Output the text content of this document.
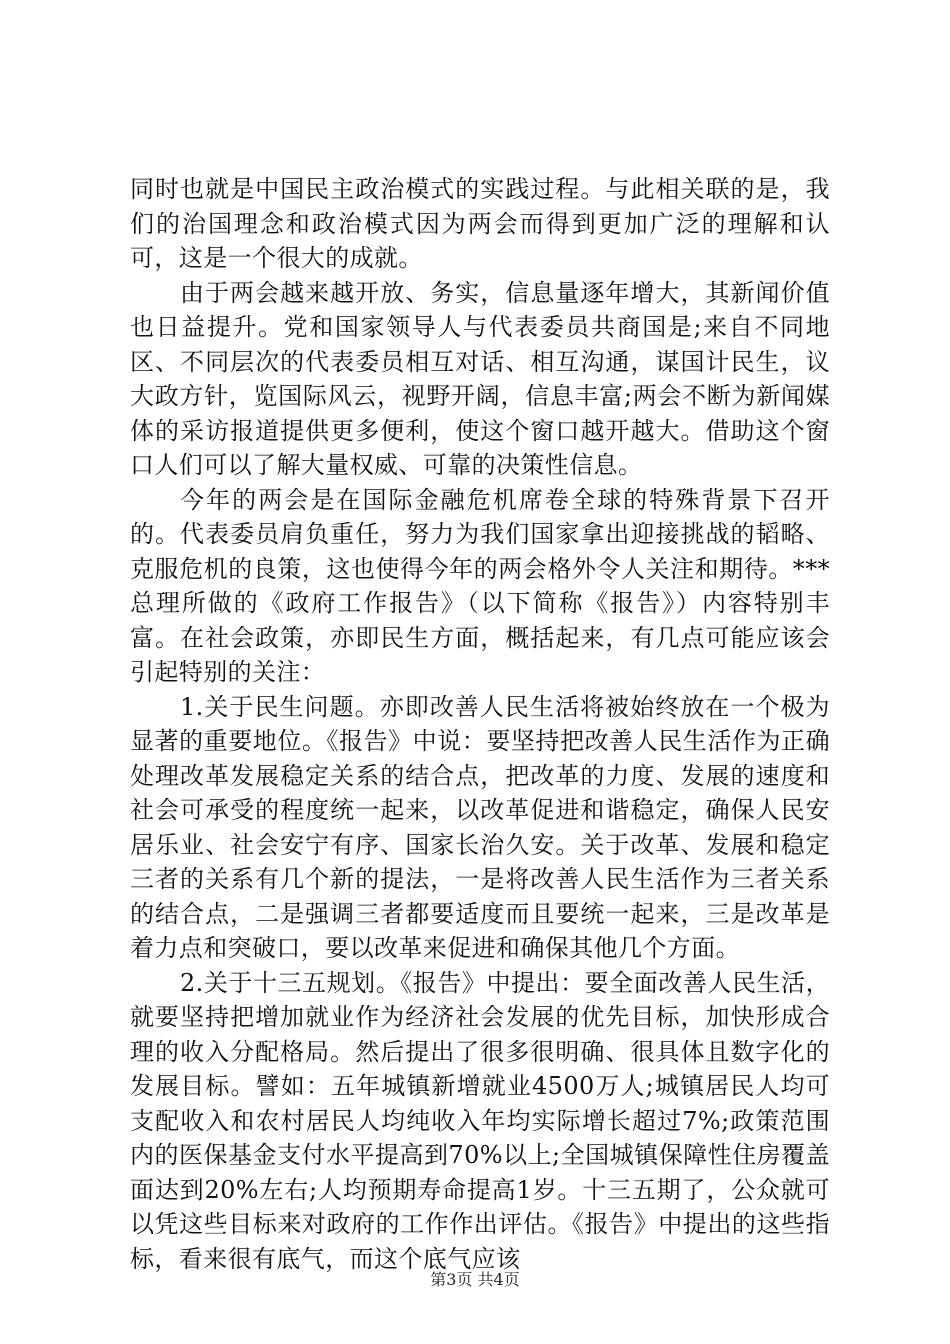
同时也就是中国民主政治模式的实践过程。与此相关联的是，我们的治国理念和政治模式因为两会而得到更加广泛的理解和认可，这是一个很大的成就。

由于两会越来越开放、务实，信息量逐年增大，其新闻价值也日益提升。党和国家领导人与代表委员共商国是;来自不同地区、不同层次的代表委员相互对话、相互沟通，谋国计民生，议大政方针，览国际风云，视野开阔，信息丰富;两会不断为新闻媒体的采访报道提供更多便利，使这个窗口越开越大。借助这个窗口人们可以了解大量权威、可靠的决策性信息。

今年的两会是在国际金融危机席卷全球的特殊背景下召开的。代表委员肩负重任，努力为我们国家拿出迎接挑战的韬略、克服危机的良策，这也使得今年的两会格外令人关注和期待。***总理所做的《政府工作报告》（以下简称《报告》）内容特别丰富。在社会政策，亦即民生方面，概括起来，有几点可能应该会引起特别的关注：

1.关于民生问题。亦即改善人民生活将被始终放在一个极为显著的重要地位。《报告》中说：要坚持把改善人民生活作为正确处理改革发展稳定关系的结合点，把改革的力度、发展的速度和社会可承受的程度统一起来，以改革促进和谐稳定，确保人民安居乐业、社会安宁有序、国家长治久安。关于改革、发展和稳定三者的关系有几个新的提法，一是将改善人民生活作为三者关系的结合点，二是强调三者都要适度而且要统一起来，三是改革是着力点和突破口，要以改革来促进和确保其他几个方面。

2.关于十三五规划。《报告》中提出：要全面改善人民生活，就要坚持把增加就业作为经济社会发展的优先目标，加快形成合理的收入分配格局。然后提出了很多很明确、很具体且数字化的发展目标。譬如：五年城镇新增就业4500万人;城镇居民人均可支配收入和农村居民人均纯收入年均实际增长超过7%;政策范围内的医保基金支付水平提高到70%以上;全国城镇保障性住房覆盖面达到20%左右;人均预期寿命提高1岁。十三五期了，公众就可以凭这些目标来对政府的工作作出评估。《报告》中提出的这些指标，看来很有底气，而这个底气应该

第3页 共4页
